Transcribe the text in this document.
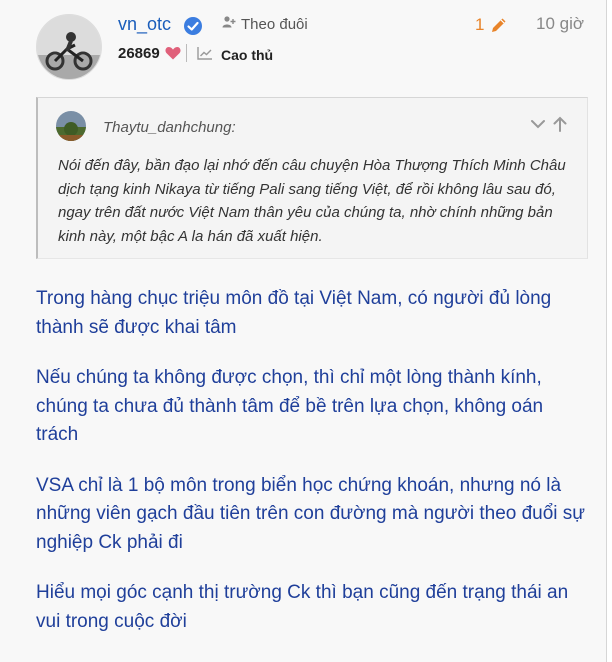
vn_otc	Theo đuôi
26869	Cao thủ
1	10 giờ
Thaytu_danhchung:
Nói đến đây, bần đạo lại nhớ đến câu chuyện Hòa Thượng Thích Minh Châu dịch tạng kinh Nikaya từ tiếng Pali sang tiếng Việt, để rồi không lâu sau đó, ngay trên đất nước Việt Nam thân yêu của chúng ta, nhờ chính những bản kinh này, một bậc A la hán đã xuất hiện.

Trong hàng chục triệu môn đồ tại Việt Nam, có người đủ lòng thành sẽ được khai tâm

Nếu chúng ta không được chọn, thì chỉ một lòng thành kính, chúng ta chưa đủ thành tâm để bề trên lựa chọn, không oán trách

VSA chỉ là 1 bộ môn trong biển học chứng khoán, nhưng nó là những viên gạch đầu tiên trên con đường mà người theo đuổi sự nghiệp Ck phải đi

Hiểu mọi góc cạnh thị trường Ck thì bạn cũng đến trạng thái an vui trong cuộc đời
